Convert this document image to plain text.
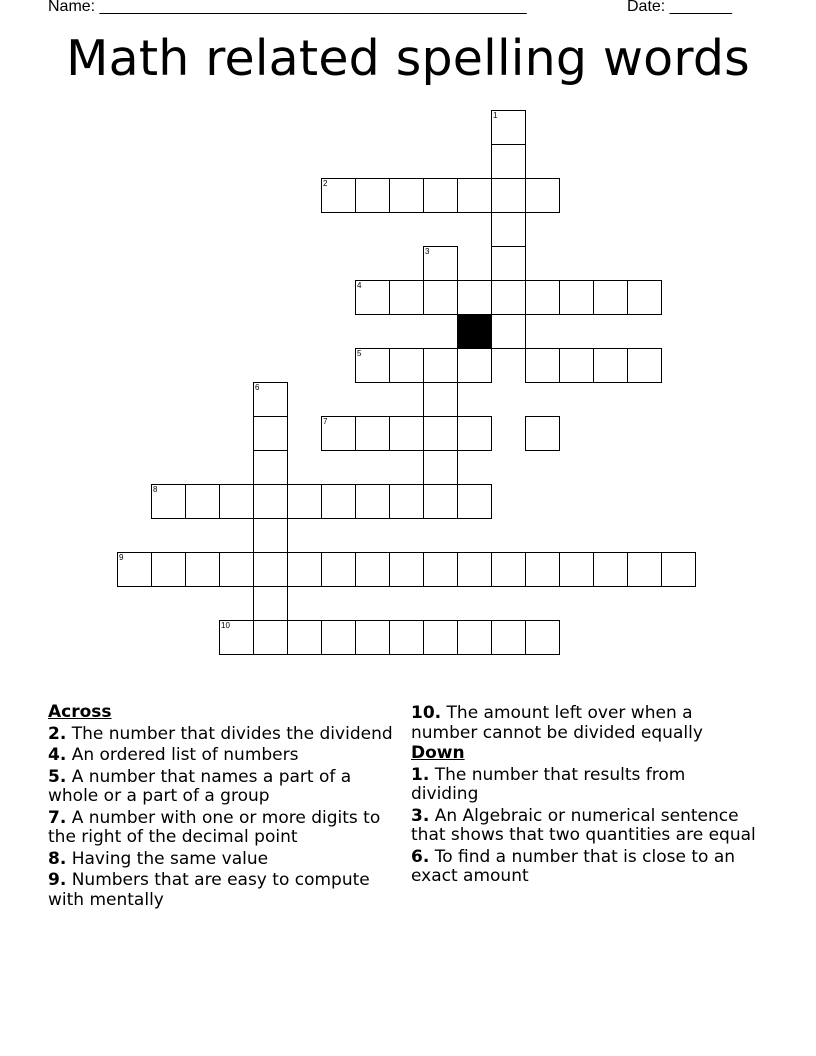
Name: ________________________________________________	Date: _______
Math related spelling words
1
2
3
4
5
6
7
8
9
10
Across
2. The number that divides the dividend
4. An ordered list of numbers
5. A number that names a part of a whole or a part of a group
7. A number with one or more digits to the right of the decimal point
8. Having the same value
9. Numbers that are easy to compute with mentally
10. The amount left over when a number cannot be divided equally
Down
1. The number that results from dividing
3. An Algebraic or numerical sentence that shows that two quantities are equal
6. To find a number that is close to an exact amount
